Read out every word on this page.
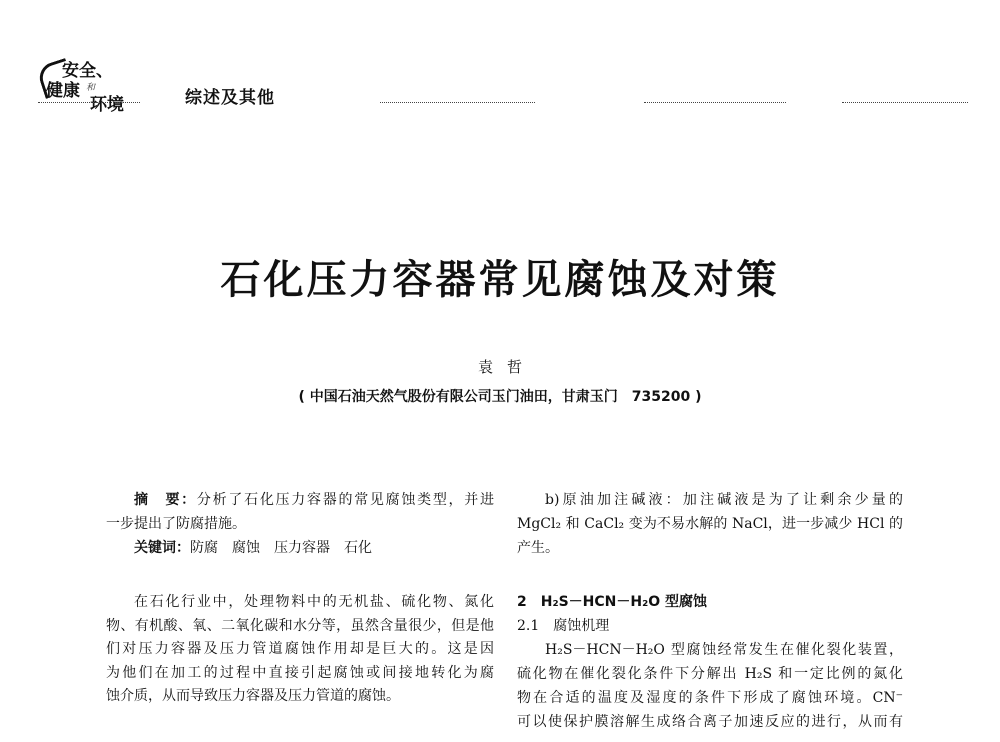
安全、
健康 和
环境	综述及其他
石化压力容器常见腐蚀及对策
袁哲
( 中国石油天然气股份有限公司玉门油田，甘肃玉门　735200 )

摘　要：分析了石化压力容器的常见腐蚀类型，并进

一步提出了防腐措施。

关键词：防腐　腐蚀　压力容器　石化

在石化行业中，处理物料中的无机盐、硫化物、氮化

物、有机酸、氧、二氧化碳和水分等，虽然含量很少，但是他

们对压力容器及压力管道腐蚀作用却是巨大的。这是因

为他们在加工的过程中直接引起腐蚀或间接地转化为腐

蚀介质，从而导致压力容器及压力管道的腐蚀。

b)原油加注碱液：加注碱液是为了让剩余少量的

MgCl₂ 和 CaCl₂ 变为不易水解的 NaCl，进一步减少 HCl 的

产生。

2　H₂S－HCN－H₂O 型腐蚀

2.1　腐蚀机理

H₂S－HCN－H₂O 型腐蚀经常发生在催化裂化装置，

硫化物在催化裂化条件下分解出 H₂S 和一定比例的氮化

物在合适的温度及湿度的条件下形成了腐蚀环境。CN⁻

可以使保护膜溶解生成络合离子加速反应的进行，从而有
